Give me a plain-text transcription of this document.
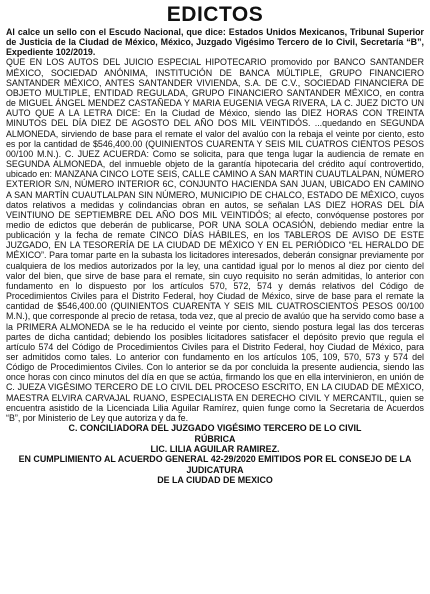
EDICTOS

Al calce un sello con el Escudo Nacional, que dice: Estados Unidos Mexicanos, Tribunal Superior de Justicia de la Ciudad de México, México, Juzgado Vigésimo Tercero de lo Civil, Secretaría “B”, Expediente 102/2019.

QUE EN LOS AUTOS DEL JUICIO ESPECIAL HIPOTECARIO promovido por BANCO SANTANDER MÉXICO, SOCIEDAD ANÓNIMA, INSTITUCIÓN DE BANCA MÚLTIPLE, GRUPO FINANCIERO SANTANDER MÉXICO, ANTES SANTANDER VIVIENDA, S.A. DE C.V., SOCIEDAD FINANCIERA DE OBJETO MULTIPLE, ENTIDAD REGULADA, GRUPO FINANCIERO SANTANDER MÉXICO, en contra de MIGUEL ÁNGEL MENDEZ CASTAÑEDA Y MARIA EUGENIA VEGA RIVERA, LA C. JUEZ DICTO UN AUTO QUE A LA LETRA DICE: En la Ciudad de México, siendo las DIEZ HORAS CON TREINTA MINUTOS DEL DÍA DIEZ DE AGOSTO DEL AÑO DOS MIL VEINTIDÓS. ...quedando en SEGUNDA ALMONEDA, sirviendo de base para el remate el valor del avalúo con la rebaja el veinte por ciento, esto es por la cantidad de $546,400.00 (QUINIENTOS CUARENTA Y SEIS MIL CUATROS CIENTOS PESOS 00/100 M.N.). C. JUEZ ACUERDA: Como se solicita, para que tenga lugar la audiencia de remate en SEGUNDA ALMONEDA, del inmueble objeto de la garantía hipotecaria del crédito aquí controvertido, ubicado en: MANZANA CINCO LOTE SEIS, CALLE CAMINO A SAN MARTIN CUAUTLALPAN, NÚMERO EXTERIOR S/N, NÚMERO INTERIOR 6C, CONJUNTO HACIENDA SAN JUAN, UBICADO EN CAMINO A SAN MARTÍN CUAUTLALPAN SIN NÚMERO, MUNICIPIO DE CHALCO, ESTADO DE MÉXICO, cuyos datos relativos a medidas y colindancias obran en autos, se señalan LAS DIEZ HORAS DEL DÍA VEINTIUNO DE SEPTIEMBRE DEL AÑO DOS MIL VEINTIDÓS; al efecto, convóquense postores por medio de edictos que deberán de publicarse, POR UNA SOLA OCASIÓN, debiendo mediar entre la publicación y la fecha de remate CINCO DÍAS HÁBILES, en los TABLEROS DE AVISO DE ESTE JUZGADO, EN LA TESORERÍA DE LA CIUDAD DE MÉXICO Y EN EL PERIÓDICO “EL HERALDO DE MÉXICO”. Para tomar parte en la subasta los licitadores interesados, deberán consignar previamente por cualquiera de los medios autorizados por la ley, una cantidad igual por lo menos al diez por ciento del valor del bien, que sirve de base para el remate, sin cuyo requisito no serán admitidas, lo anterior con fundamento en lo dispuesto por los artículos 570, 572, 574 y demás relativos del Código de Procedimientos Civiles para el Distrito Federal, hoy Ciudad de México, sirve de base para el remate la cantidad de $546,400.00 (QUINIENTOS CUARENTA Y SEIS MIL CUATROSCIENTOS PESOS 00/100 M.N.), que corresponde al precio de retasa, toda vez, que al precio de avalúo que ha servido como base a la PRIMERA ALMONEDA se le ha reducido el veinte por ciento, siendo postura legal las dos terceras partes de dicha cantidad; debiendo los posibles licitadores satisfacer el depósito previo que regula el artículo 574 del Código de Procedimientos Civiles para el Distrito Federal, hoy Ciudad de México, para ser admitidos como tales. Lo anterior con fundamento en los artículos 105, 109, 570, 573 y 574 del Código de Procedimientos Civiles. Con lo anterior se da por concluida la presente audiencia, siendo las once horas con cinco minutos del día en que se actúa, firmando los que en ella intervinieron, en unión de C. JUEZA VIGÉSIMO TERCERO DE LO CIVIL DEL PROCESO ESCRITO, EN LA CIUDAD DE MÉXICO, MAESTRA ELVIRA CARVAJAL RUANO, ESPECIALISTA EN DERECHO CIVIL Y MERCANTIL, quien se encuentra asistido de la Licenciada Lilia Aguilar Ramírez, quien funge como la Secretaria de Acuerdos “B”, por Ministerio de Ley que autoriza y da fe.

C. CONCILIADORA DEL JUZGADO VIGÉSIMO TERCERO DE LO CIVIL

RÚBRICA

LIC. LILIA AGUILAR RAMIREZ.

EN CUMPLIMIENTO AL ACUERDO GENERAL 42-29/2020 EMITIDOS POR EL CONSEJO DE LA JUDICATURA

DE LA CIUDAD DE MEXICO
